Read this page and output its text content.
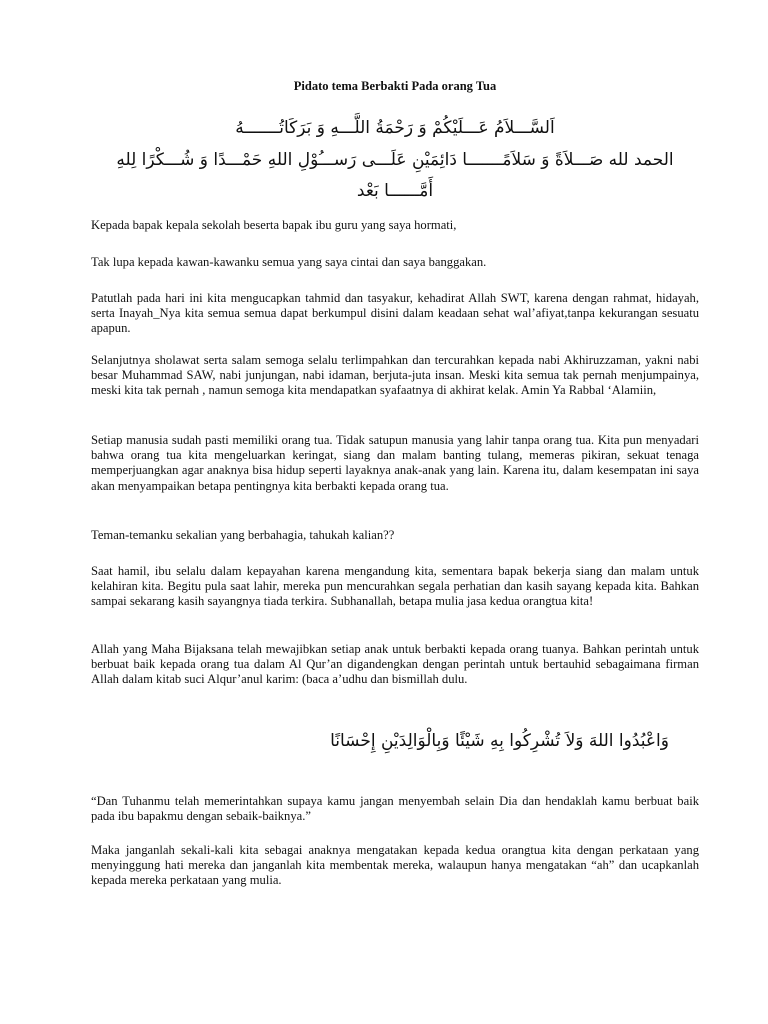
Pidato tema Berbakti Pada orang Tua
اَلسَّـــلاَمُ عَـــلَيْكُمْ وَ رَحْمَةُ اللَّـــهِ وَ بَرَكَاتُـــــــهُ
الحمد لله صَـــلاَةً وَ سَلاَمًـــــــا دَائِمَيْنِ عَلَـــى رَســـُوْلِ اللهِ حَمْـــدًا وَ شُـــكْرًا لِلهِ
أَمَّــــــا بَعْد

Kepada bapak kepala sekolah beserta bapak ibu guru yang saya hormati,

Tak lupa kepada kawan-kawanku semua yang saya cintai dan saya banggakan.

Patutlah pada hari ini kita mengucapkan tahmid dan tasyakur, kehadirat Allah SWT, karena dengan rahmat, hidayah, serta Inayah_Nya kita semua semua dapat berkumpul disini dalam keadaan sehat wal’afiyat,tanpa kekurangan sesuatu apapun.

Selanjutnya sholawat serta salam semoga selalu terlimpahkan dan tercurahkan kepada nabi Akhiruzzaman, yakni nabi besar Muhammad SAW, nabi junjungan, nabi idaman, berjuta-juta insan. Meski kita semua tak pernah menjumpainya, meski kita tak pernah , namun semoga kita mendapatkan syafaatnya di akhirat kelak. Amin Ya Rabbal ‘Alamiin,

Setiap manusia sudah pasti memiliki orang tua. Tidak satupun manusia yang lahir tanpa orang tua. Kita pun menyadari bahwa orang tua kita mengeluarkan keringat, siang dan malam banting tulang, memeras pikiran, sekuat tenaga memperjuangkan agar anaknya bisa hidup seperti layaknya anak-anak yang lain. Karena itu, dalam kesempatan ini saya akan menyampaikan betapa pentingnya kita berbakti kepada orang tua.

Teman-temanku sekalian yang berbahagia, tahukah kalian??

Saat hamil, ibu selalu dalam kepayahan karena mengandung kita, sementara bapak bekerja siang dan malam untuk kelahiran kita. Begitu pula saat lahir, mereka pun mencurahkan segala perhatian dan kasih sayang kepada kita. Bahkan sampai sekarang kasih sayangnya tiada terkira. Subhanallah, betapa mulia jasa kedua orangtua kita!

Allah yang Maha Bijaksana telah mewajibkan setiap anak untuk berbakti kepada orang tuanya. Bahkan perintah untuk berbuat baik kepada orang tua dalam Al Qur’an digandengkan dengan perintah untuk bertauhid sebagaimana firman Allah dalam kitab suci Alqur’anul karim: (baca a’udhu dan bismillah dulu.

وَاعْبُدُوا اللهَ وَلاَ تُشْرِكُوا بِهِ شَيْئًا وَبِالْوَالِدَيْنِ إِحْسَانًا

“Dan Tuhanmu telah memerintahkan supaya kamu jangan menyembah selain Dia dan hendaklah kamu berbuat baik pada ibu bapakmu dengan sebaik-baiknya.”

Maka janganlah sekali-kali kita sebagai anaknya mengatakan kepada kedua orangtua kita dengan perkataan yang menyinggung hati mereka dan janganlah kita membentak mereka, walaupun hanya mengatakan “ah” dan ucapkanlah kepada mereka perkataan yang mulia.
